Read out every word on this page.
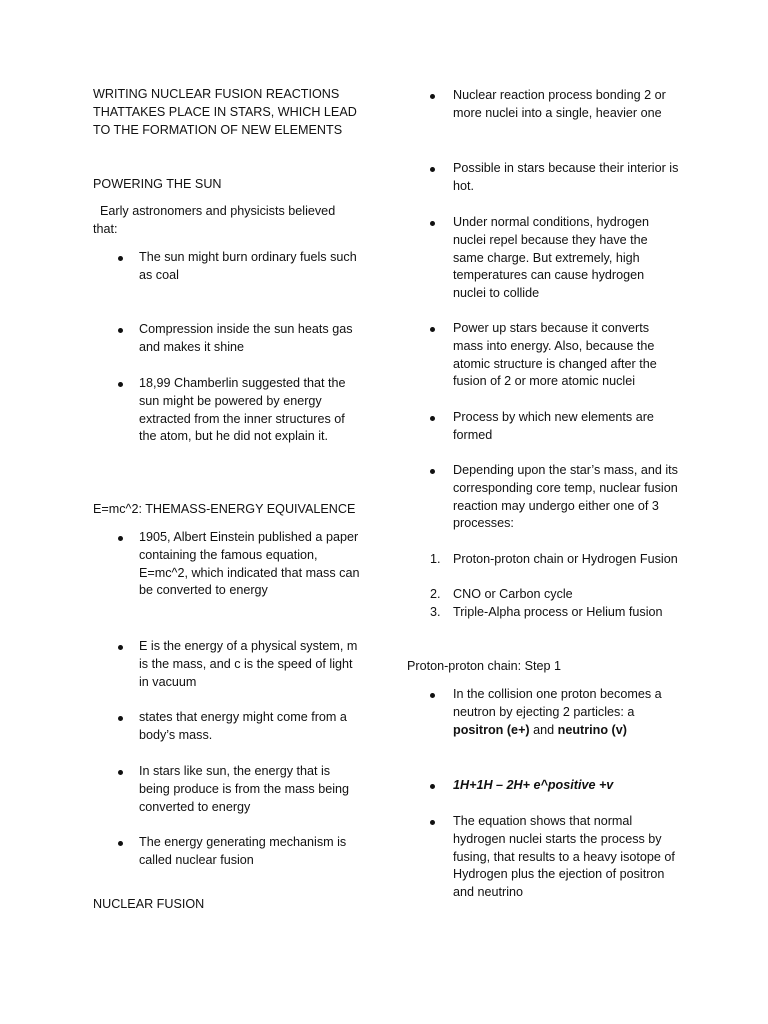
WRITING NUCLEAR FUSION REACTIONS THATTAKES PLACE IN STARS, WHICH LEAD TO THE FORMATION OF NEW ELEMENTS

POWERING THE SUN

Early astronomers and physicists believed that:

The sun might burn ordinary fuels such as coal

Compression inside the sun heats gas and makes it shine

18,99 Chamberlin suggested that the sun might be powered by energy extracted from the inner structures of the atom, but he did not explain it.

E=mc^2: THEMASS-ENERGY EQUIVALENCE

1905, Albert Einstein published a paper containing the famous equation, E=mc^2, which indicated that mass can be converted to energy

E is the energy of a physical system, m is the mass, and c is the speed of light in vacuum

states that energy might come from a body’s mass.

In stars like sun, the energy that is being produce is from the mass being converted to energy

The energy generating mechanism is called nuclear fusion

NUCLEAR FUSION

Nuclear reaction process bonding 2 or more nuclei into a single, heavier one

Possible in stars because their interior is hot.

Under normal conditions, hydrogen nuclei repel because they have the same charge. But extremely, high temperatures can cause hydrogen nuclei to collide

Power up stars because it converts mass into energy. Also, because the atomic structure is changed after the fusion of 2 or more atomic nuclei

Process by which new elements are formed

Depending upon the star’s mass, and its corresponding core temp, nuclear fusion reaction may undergo either one of 3 processes:

1. Proton-proton chain or Hydrogen Fusion

2. CNO or Carbon cycle

3. Triple-Alpha process or Helium fusion

Proton-proton chain: Step 1

In the collision one proton becomes a neutron by ejecting 2 particles: a positron (e+) and neutrino (v)

1H+1H – 2H+ e^positive +v

The equation shows that normal hydrogen nuclei starts the process by fusing, that results to a heavy isotope of Hydrogen plus the ejection of positron and neutrino
